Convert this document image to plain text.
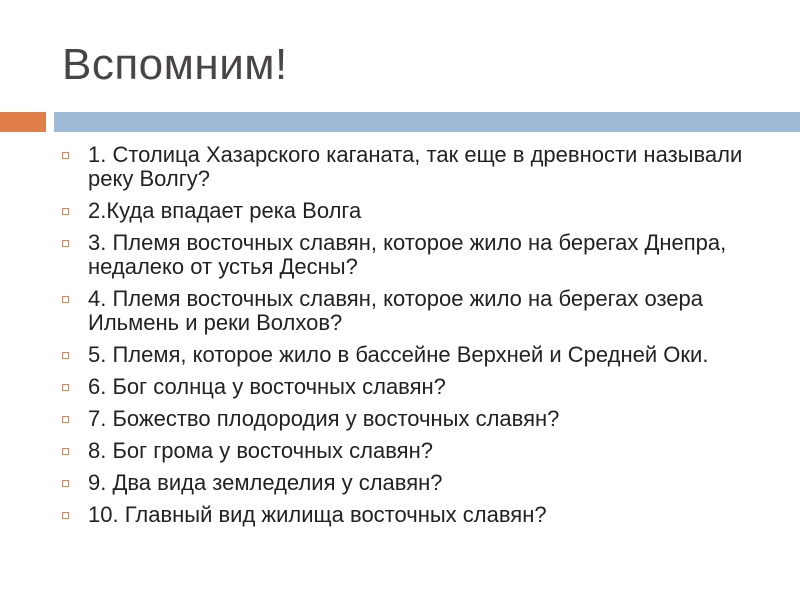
Вспомним!
1. Столица Хазарского каганата, так еще в древности называли реку Волгу?
2.Куда впадает река Волга
3. Племя восточных славян, которое жило на берегах Днепра, недалеко от устья Десны?
4. Племя восточных славян, которое жило на берегах озера Ильмень и реки Волхов?
5. Племя, которое жило в бассейне Верхней и Средней Оки.
6. Бог солнца у восточных славян?
7. Божество плодородия у восточных славян?
8. Бог грома у восточных славян?
9. Два вида земледелия у славян?
10. Главный вид жилища восточных славян?
